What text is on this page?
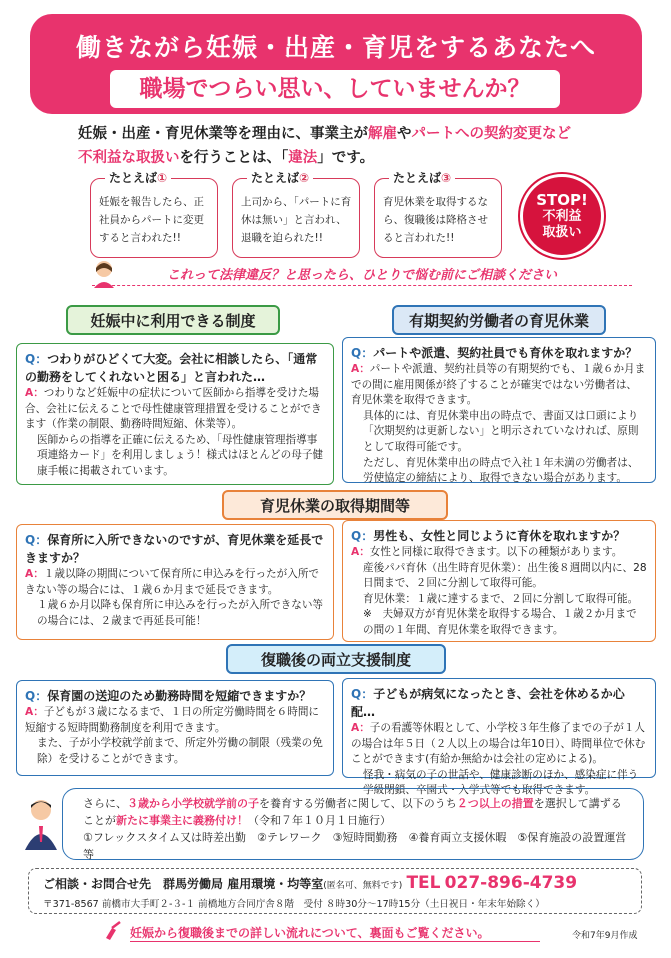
働きながら妊娠・出産・育児をするあなたへ
職場でつらい思い、していませんか？
妊娠・出産・育児休業等を理由に、事業主が解雇やパートへの契約変更など
不利益な取扱いを行うことは、「違法」です。
たとえば①
妊娠を報告したら、正社員からパートに変更すると言われた!!
たとえば②
上司から、「パートに育休は無い」と言われ、退職を迫られた!!
たとえば③
育児休業を取得するなら、復職後は降格させると言われた!!
STOP!
不利益
取扱い
これって法律違反？と思ったら、ひとりで悩む前にご相談ください
妊娠中に利用できる制度	有期契約労働者の育児休業
Q：つわりがひどくて大変。会社に相談したら、「通常の勤務をしてくれないと困る」と言われた…
A：つわりなど妊娠中の症状について医師から指導を受けた場合、会社に伝えることで母性健康管理措置を受けることができます（作業の制限、勤務時間短縮、休業等）。
医師からの指導を正確に伝えるため、「母性健康管理指導事項連絡カード」を利用しましょう！様式はほとんどの母子健康手帳に掲載されています。
Q：パートや派遣、契約社員でも育休を取れますか？
A：パートや派遣、契約社員等の有期契約でも、１歳６か月までの間に雇用関係が終了することが確実ではない労働者は、育児休業を取得できます。
具体的には、育児休業申出の時点で、書面又は口頭により「次期契約は更新しない」と明示されていなければ、原則として取得可能です。
ただし、育児休業申出の時点で入社１年未満の労働者は、労使協定の締結により、取得できない場合があります。
育児休業の取得期間等
Q：保育所に入所できないのですが、育児休業を延長できますか？
A：１歳以降の期間について保育所に申込みを行ったが入所できない等の場合には、１歳６か月まで延長できます。
１歳６か月以降も保育所に申込みを行ったが入所できない等の場合には、２歳まで再延長可能！
Q：男性も、女性と同じように育休を取れますか？
A：女性と同様に取得できます。以下の種類があります。
産後パパ育休（出生時育児休業）：出生後８週間以内に、28日間まで、２回に分割して取得可能。
育児休業：１歳に達するまで、２回に分割して取得可能。
※　夫婦双方が育児休業を取得する場合、１歳２か月までの間の１年間、育児休業を取得できます。
復職後の両立支援制度
Q：保育園の送迎のため勤務時間を短縮できますか？
A：子どもが３歳になるまで、１日の所定労働時間を６時間に短縮する短時間勤務制度を利用できます。
また、子が小学校就学前まで、所定外労働の制限（残業の免除）を受けることができます。
Q：子どもが病気になったとき、会社を休めるか心配…
A：子の看護等休暇として、小学校３年生修了までの子が１人の場合は年５日（２人以上の場合は年10日）、時間単位で休むことができます(有給か無給かは会社の定めによる)。
怪我・病気の子の世話や、健康診断のほか、感染症に伴う学級閉鎖、卒園式・入学式等でも取得できます。
さらに、３歳から小学校就学前の子を養育する労働者に関して、以下のうち２つ以上の措置を選択して講ずる
ことが新たに事業主に義務付け！（令和７年１０月１日施行）
①フレックスタイム又は時差出勤　②テレワーク　③短時間勤務　④養育両立支援休暇　⑤保育施設の設置運営等
ご相談・お問合せ先　 群馬労働局 雇用環境・均等室(匿名可、無料です) TEL 027-896-4739
〒371-8567 前橋市大手町２-３-１ 前橋地方合同庁舎８階　受付 ８時30分～17時15分（土日祝日・年末年始除く）
妊娠から復職後までの詳しい流れについて、裏面もご覧ください。	令和7年9月作成
